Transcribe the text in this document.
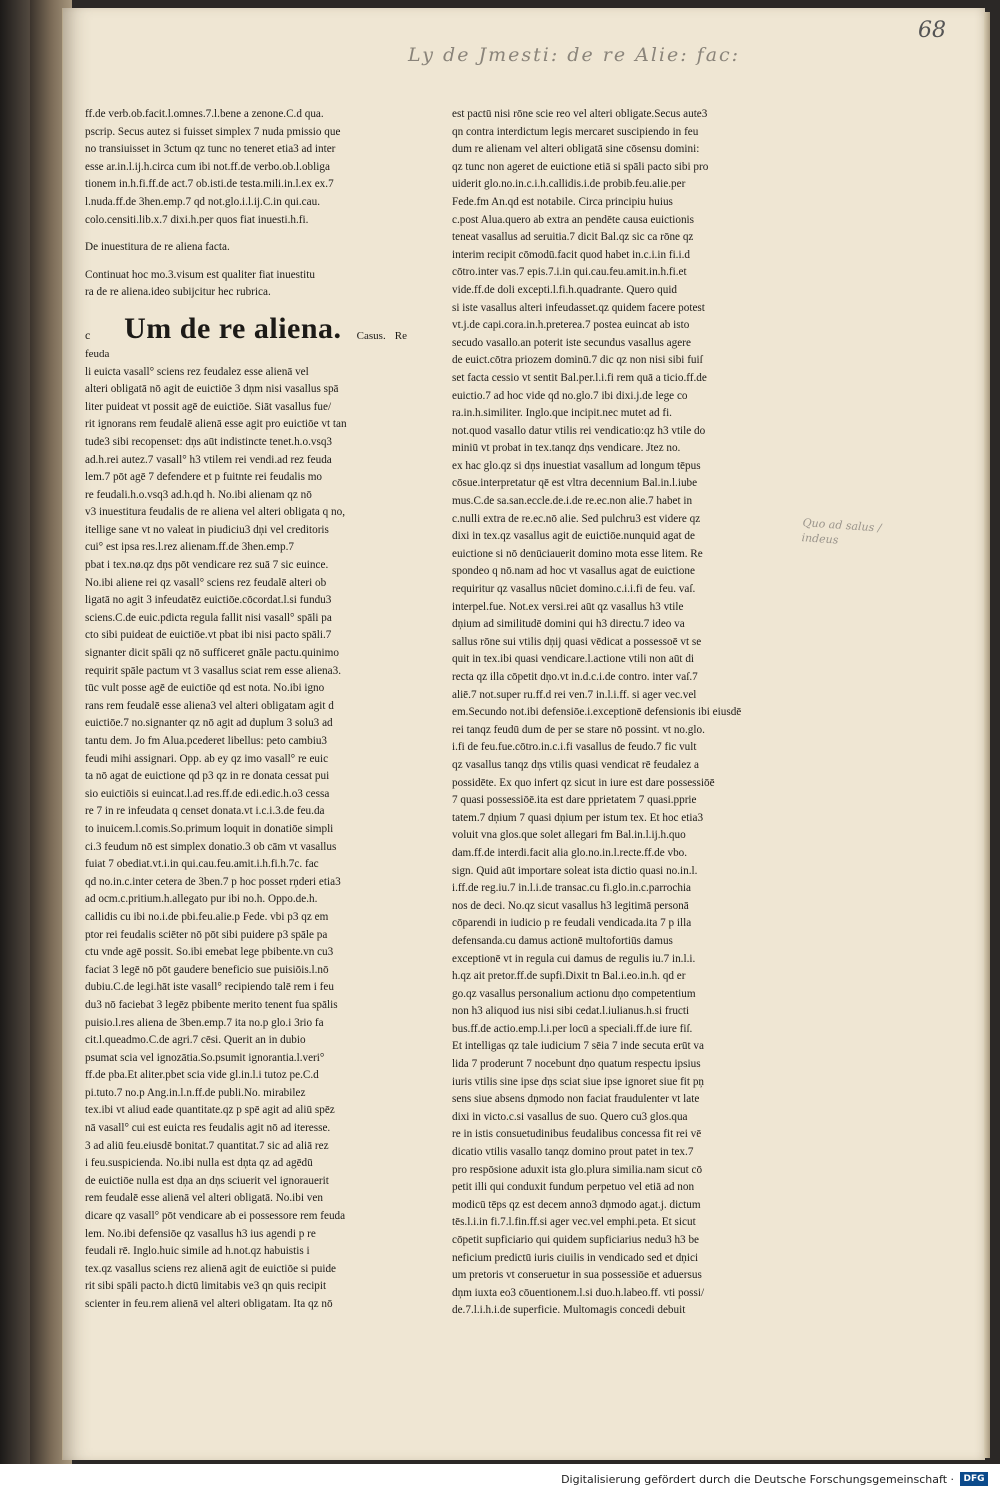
68
Ly de Jmesti: de re Alie: fac:
Quo ad salus / indeus
ff.de verb.ob.facit.l.omnes.7.l.bene a zenone.C.d qua.
pscrip. Secus autez si fuisset simplex 7 nuda pmissio que
no transiuisset in 3ctum qz tunc no teneret etia3 ad inter
esse ar.in.l.ij.h.circa cum ibi not.ff.de verbo.ob.l.obliga
tionem in.h.fi.ff.de act.7 ob.isti.de testa.mili.in.l.ex ex.7
l.nuda.ff.de 3hen.emp.7 qd not.glo.i.l.ij.C.in qui.cau.
colo.censiti.lib.x.7 dixi.h.per quos fiat inuesti.h.fi.
De inuestitura de re aliena facta.
Continuat hoc mo.3.visum est qualiter fiat inuestitu
ra de re aliena.ideo subijcitur hec rubrica.
c Um de re aliena. Casus. Re feuda
li euicta vasall° sciens rez feudalez esse alienā vel
alteri obligatā nō agit de euictiōe 3 dņm nisi vasallus spā
liter puideat vt possit agē de euictiōe. Siāt vasallus fue/
rit ignorans rem feudalē alienā esse agit pro euictiōe vt tan
tude3 sibi recopenset: dņs aūt indistincte tenet.h.o.vsq3
ad.h.rei autez.7 vasall° h3 vtilem rei vendi.ad rez feuda
lem.7 pōt agē 7 defendere et p fuitnte rei feudalis mo
re feudali.h.o.vsq3 ad.h.qd h. No.ibi alienam qz nō
v3 inuestitura feudalis de re aliena vel alteri obligata q no,
itellige sane vt no valeat in piudiciu3 dņi vel creditoris
cui° est ipsa res.l.rez alienam.ff.de 3hen.emp.7
pbat i tex.nø.qz dņs pōt vendicare rez suā 7 sic euince.
No.ibi aliene rei qz vasall° sciens rez feudalē alteri ob
ligatā no agit 3 infeudatēz euictiōe.cōcordat.l.si fundu3
sciens.C.de euic.pdicta regula fallit nisi vasall° spāli pa
cto sibi puideat de euictiōe.vt pbat ibi nisi pacto spāli.7
signanter dicit spāli qz nō sufficeret gnāle pactu.quinimo
requirit spāle pactum vt 3 vasallus sciat rem esse aliena3.
tūc vult posse agē de euictiōe qd est nota. No.ibi igno
rans rem feudalē esse aliena3 vel alteri obligatam agit d
euictiōe.7 no.signanter qz nō agit ad duplum 3 solu3 ad
tantu dem. Jo fm Alua.pcederet libellus: peto cambiu3
feudi mihi assignari. Opp. ab ey qz imo vasall° re euic
ta nō agat de euictione qd p3 qz in re donata cessat pui
sio euictiōis si euincat.l.ad res.ff.de edi.edic.h.o3 cessa
re 7 in re infeudata q censet donata.vt i.c.i.3.de feu.da
to inuicem.l.comis.So.primum loquit in donatiōe simpli
ci.3 feudum nō est simplex donatio.3 ob cām vt vasallus
fuiat 7 obediat.vt.i.in qui.cau.feu.amit.i.h.fi.h.7c. fac
qd no.in.c.inter cetera de 3ben.7 p hoc posset rņderi etia3
ad ocm.c.pritium.h.allegato pur ibi no.h. Oppo.de.h.
callidis cu ibi no.i.de pbi.feu.alie.p Fede. vbi p3 qz em
ptor rei feudalis sciēter nō pōt sibi puidere p3 spāle pa
ctu vnde agē possit. So.ibi emebat lege pbibente.vn cu3
faciat 3 legē nō pōt gaudere beneficio sue puisiōis.l.nō
dubiu.C.de legi.hāt iste vasall° recipiendo talē rem i feu
du3 nō faciebat 3 legēz pbibente merito tenent fua spālis
puisio.l.res aliena de 3ben.emp.7 ita no.p glo.i 3rio fa
cit.l.queadmo.C.de agri.7 cēsi. Querit an in dubio
psumat scia vel ignozātia.So.psumit ignorantia.l.veri°
ff.de pba.Et aliter.pbet scia vide gl.in.l.i tutoz pe.C.d
pi.tuto.7 no.p Ang.in.l.n.ff.de publi.No. mirabilez
tex.ibi vt aliud eade quantitate.qz p spē agit ad aliū spēz
nā vasall° cui est euicta res feudalis agit nō ad iteresse.
3 ad aliū feu.eiusdē bonitat.7 quantitat.7 sic ad aliā rez
i feu.suspicienda. No.ibi nulla est dņta qz ad agēdū
de euictiōe nulla est dņa an dņs sciuerit vel ignorauerit
rem feudalē esse alienā vel alteri obligatā. No.ibi ven
dicare qz vasall° pōt vendicare ab ei possessore rem feuda
lem. No.ibi defensiōe qz vasallus h3 ius agendi p re
feudali rē. Inglo.huic simile ad h.not.qz habuistis i
tex.qz vasallus sciens rez alienā agit de euictiōe si puide
rit sibi spāli pacto.h dictū limitabis ve3 qn quis recipit
scienter in feu.rem alienā vel alteri obligatam. Ita qz nō
est pactū nisi rōne scie reo vel alteri obligate.Secus aute3
qn contra interdictum legis mercaret suscipiendo in feu
dum re alienam vel alteri obligatā sine cōsensu domini:
qz tunc non ageret de euictione etiā si spāli pacto sibi pro
uiderit glo.no.in.c.i.h.callidis.i.de probib.feu.alie.per
Fede.fm An.qd est notabile. Circa principiu huius
c.post Alua.quero ab extra an pendēte causa euictionis
teneat vasallus ad seruitia.7 dicit Bal.qz sic ca rōne qz
interim recipit cōmodū.facit quod habet in.c.i.in fi.i.d
cōtro.inter vas.7 epis.7.i.in qui.cau.feu.amit.in.h.fi.et
vide.ff.de doli excepti.l.fi.h.quadrante. Quero quid
si iste vasallus alteri infeudasset.qz quidem facere potest
vt.j.de capi.cora.in.h.preterea.7 postea euincat ab isto
secudo vasallo.an poterit iste secundus vasallus agere
de euict.cōtra priozem dominū.7 dic qz non nisi sibi fuiſ
set facta cessio vt sentit Bal.per.l.i.fi rem quā a ticio.ff.de
euictio.7 ad hoc vide qd no.glo.7 ibi dixi.j.de lege co
ra.in.h.similiter. Inglo.que incipit.nec mutet ad fi.
not.quod vasallo datur vtilis rei vendicatio:qz h3 vtile do
miniū vt probat in tex.tanqz dņs vendicare. Jtez no.
ex hac glo.qz si dņs inuestiat vasallum ad longum tēpus
cōsue.interpretatur qē est vltra decennium Bal.in.l.iube
mus.C.de sa.san.eccle.de.i.de re.ec.non alie.7 habet in
c.nulli extra de re.ec.nō alie. Sed pulchru3 est videre qz
dixi in tex.qz vasallus agit de euictiōe.nunquid agat de
euictione si nō denūciauerit domino mota esse litem. Re
spondeo q nō.nam ad hoc vt vasallus agat de euictione
requiritur qz vasallus nūciet domino.c.i.i.fi de feu. vaſ.
interpel.fue. Not.ex versi.rei aūt qz vasallus h3 vtile
dņium ad similitudē domini qui h3 directu.7 ideo va
sallus rōne sui vtilis dņij quasi vēdicat a possessoē vt se
quit in tex.ibi quasi vendicare.l.actione vtili non aūt di
recta qz illa cōpetit dņo.vt in.d.c.i.de contro. inter vaſ.7
aliē.7 not.super ru.ff.d rei ven.7 in.l.i.ff. si ager vec.vel
em.Secundo not.ibi defensiōe.i.exceptionē defensionis ibi eiusdē
rei tanqz feudū dum de per se stare nō possint. vt no.glo.
i.fi de feu.fue.cōtro.in.c.i.fi vasallus de feudo.7 fic vult
qz vasallus tanqz dņs vtilis quasi vendicat rē feudalez a
possidēte. Ex quo infert qz sicut in iure est dare possessiōē
7 quasi possessiōē.ita est dare pprietatem 7 quasi.pprie
tatem.7 dņium 7 quasi dņium per istum tex. Et hoc etia3
voluit vna glos.que solet allegari fm Bal.in.l.ij.h.quo
dam.ff.de interdi.facit alia glo.no.in.l.recte.ff.de vbo.
sign. Quid aūt importare soleat ista dictio quasi no.in.l.
i.ff.de reg.iu.7 in.l.i.de transac.cu fi.glo.in.c.parrochia
nos de deci. No.qz sicut vasallus h3 legitimā personā
cōparendi in iudicio p re feudali vendicada.ita 7 p illa
defensanda.cu damus actionē multofortiūs damus
exceptionē vt in regula cui damus de regulis iu.7 in.l.i.
h.qz ait pretor.ff.de supfi.Dixit tn Bal.i.eo.in.h. qd er
go.qz vasallus personalium actionu dņo competentium
non h3 aliquod ius nisi sibi cedat.l.iulianus.h.si fructi
bus.ff.de actio.emp.l.i.per locū a speciali.ff.de iure fiſ.
Et intelligas qz tale iudicium 7 sēia 7 inde secuta erūt va
lida 7 proderunt 7 nocebunt dņo quatum respectu ipsius
iuris vtilis sine ipse dņs sciat siue ipse ignoret siue fit pņ
sens siue absens dņmodo non faciat fraudulenter vt late
dixi in victo.c.si vasallus de suo. Quero cu3 glos.qua
re in istis consuetudinibus feudalibus concessa fit rei vē
dicatio vtilis vasallo tanqz domino prout patet in tex.7
pro respōsione aduxit ista glo.plura similia.nam sicut cō
petit illi qui conduxit fundum perpetuo vel etiā ad non
modicū tēps qz est decem anno3 dņmodo agat.j. dictum
tēs.l.i.in fi.7.l.fin.ff.si ager vec.vel emphi.peta. Et sicut
cōpetit supficiario qui quidem supficiarius nedu3 h3 be
neficium predictū iuris ciuilis in vendicado sed et dņici
um pretoris vt conseruetur in sua possessiōe et aduersus
dņm iuxta eo3 cōuentionem.l.si duo.h.labeo.ff. vti possi/
de.7.l.i.h.i.de superficie. Multomagis concedi debuit
Digitalisierung gefördert durch die Deutsche Forschungsgemeinschaft ·	DFG
